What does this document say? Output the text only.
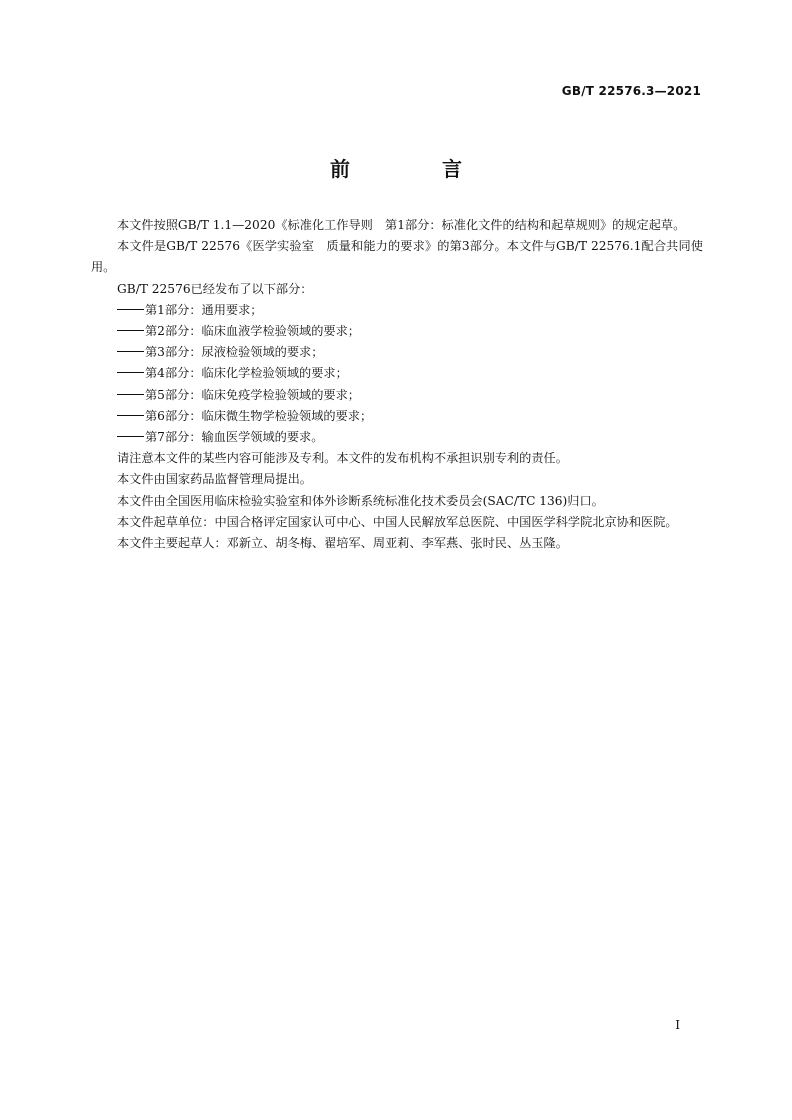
GB/T 22576.3—2021
前　言

本文件按照GB/T 1.1—2020《标准化工作导则　第1部分：标准化文件的结构和起草规则》的规定起草。

本文件是GB/T 22576《医学实验室　质量和能力的要求》的第3部分。本文件与GB/T 22576.1配合共同使用。

GB/T 22576已经发布了以下部分：

第1部分：通用要求；
第2部分：临床血液学检验领域的要求；
第3部分：尿液检验领域的要求；
第4部分：临床化学检验领域的要求；
第5部分：临床免疫学检验领域的要求；
第6部分：临床微生物学检验领域的要求；
第7部分：输血医学领域的要求。

请注意本文件的某些内容可能涉及专利。本文件的发布机构不承担识别专利的责任。

本文件由国家药品监督管理局提出。

本文件由全国医用临床检验实验室和体外诊断系统标准化技术委员会(SAC/TC 136)归口。

本文件起草单位：中国合格评定国家认可中心、中国人民解放军总医院、中国医学科学院北京协和医院。

本文件主要起草人：邓新立、胡冬梅、翟培军、周亚莉、李军燕、张时民、丛玉隆。

I
